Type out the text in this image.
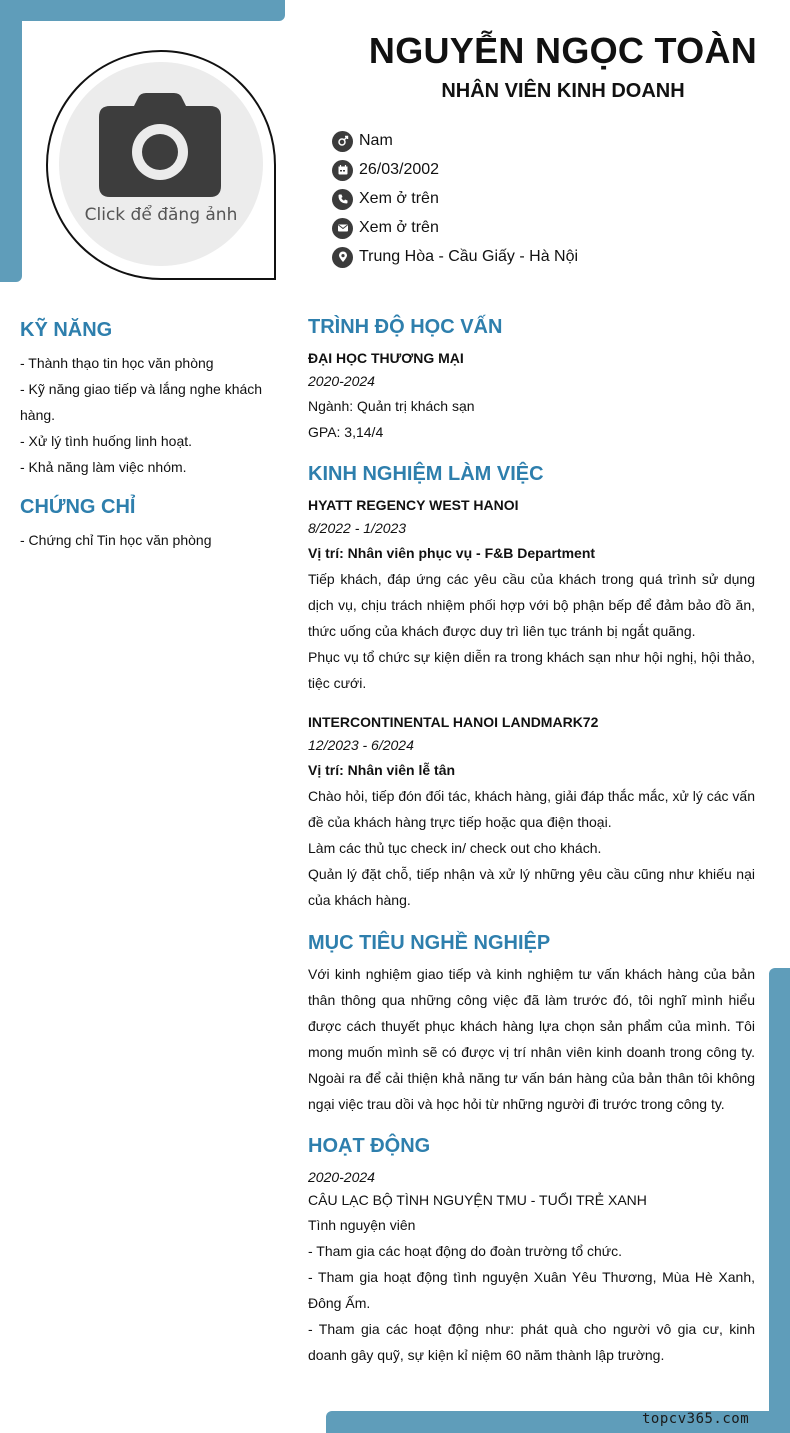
topcv365.com
Click để đăng ảnh
NGUYỄN NGỌC TOÀN
NHÂN VIÊN KINH DOANH
Nam
26/03/2002
Xem ở trên
Xem ở trên
Trung Hòa - Cầu Giấy - Hà Nội
KỸ NĂNG
- Thành thạo tin học văn phòng
- Kỹ năng giao tiếp và lắng nghe khách
hàng.
- Xử lý tình huống linh hoạt.
- Khả năng làm việc nhóm.
CHỨNG CHỈ
- Chứng chỉ Tin học văn phòng
TRÌNH ĐỘ HỌC VẤN
ĐẠI HỌC THƯƠNG MẠI
2020-2024
Ngành: Quản trị khách sạn
GPA: 3,14/4
KINH NGHIỆM LÀM VIỆC
HYATT REGENCY WEST HANOI
8/2022 - 1/2023
Vị trí: Nhân viên phục vụ - F&B Department
Tiếp khách, đáp ứng các yêu cầu của khách trong quá trình sử dụng dịch vụ, chịu trách nhiệm phối hợp với bộ phận bếp để đảm bảo đồ ăn, thức uống của khách được duy trì liên tục tránh bị ngắt quãng.
Phục vụ tổ chức sự kiện diễn ra trong khách sạn như hội nghị, hội thảo, tiệc cưới.
INTERCONTINENTAL HANOI LANDMARK72
12/2023 - 6/2024
Vị trí: Nhân viên lễ tân
Chào hỏi, tiếp đón đối tác, khách hàng, giải đáp thắc mắc, xử lý các vấn đề của khách hàng trực tiếp hoặc qua điện thoại.
Làm các thủ tục check in/ check out cho khách.
Quản lý đặt chỗ, tiếp nhận và xử lý những yêu cầu cũng như khiếu nại của khách hàng.
MỤC TIÊU NGHỀ NGHIỆP
Với kinh nghiệm giao tiếp và kinh nghiệm tư vấn khách hàng của bản thân thông qua những công việc đã làm trước đó, tôi nghĩ mình hiểu được cách thuyết phục khách hàng lựa chọn sản phẩm của mình. Tôi mong muốn mình sẽ có được vị trí nhân viên kinh doanh trong công ty. Ngoài ra để cải thiện khả năng tư vấn bán hàng của bản thân tôi không ngại việc trau dồi và học hỏi từ những người đi trước trong công ty.
HOẠT ĐỘNG
2020-2024
CÂU LẠC BỘ TÌNH NGUYỆN TMU - TUỔI TRẺ XANH
Tình nguyện viên
- Tham gia các hoạt động do đoàn trường tổ chức.
- Tham gia hoạt động tình nguyện Xuân Yêu Thương, Mùa Hè Xanh, Đông Ấm.
- Tham gia các hoạt động như: phát quà cho người vô gia cư, kinh doanh gây quỹ, sự kiện kỉ niệm 60 năm thành lập trường.
